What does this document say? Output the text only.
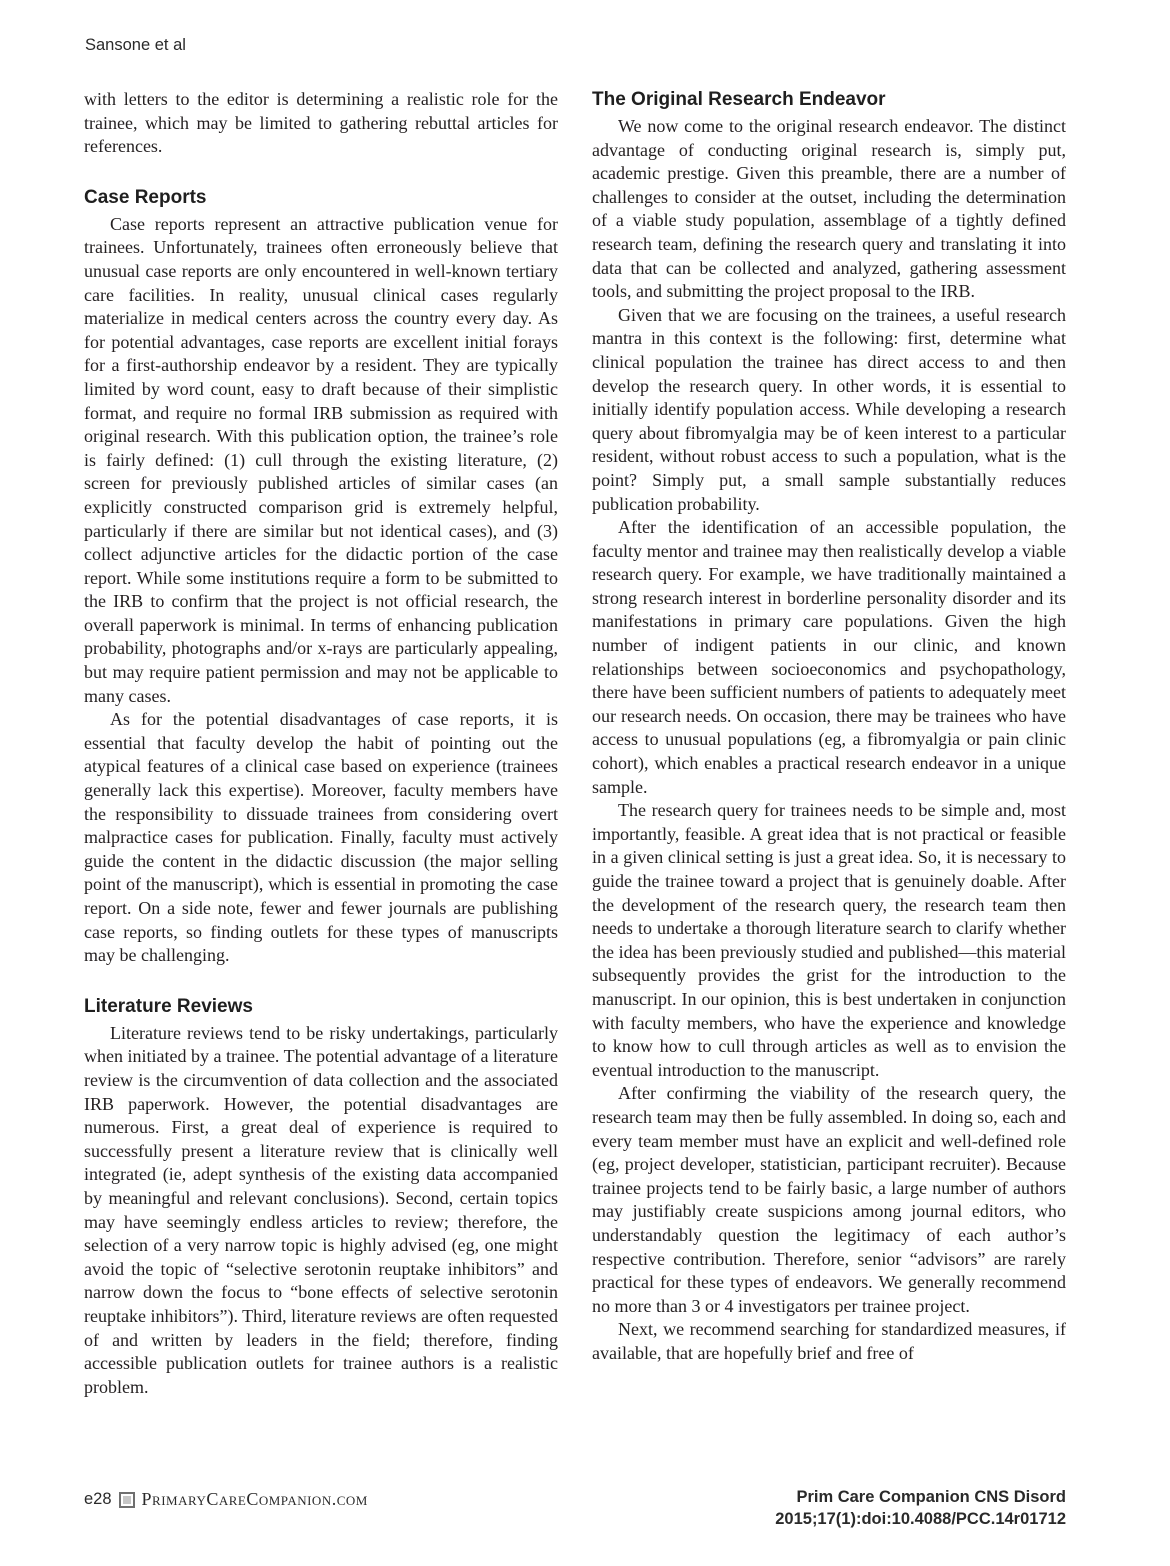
Sansone et al

with letters to the editor is determining a realistic role for the trainee, which may be limited to gathering rebuttal articles for references.

Case Reports

Case reports represent an attractive publication venue for trainees. Unfortunately, trainees often erroneously believe that unusual case reports are only encountered in well-known tertiary care facilities. In reality, unusual clinical cases regularly materialize in medical centers across the country every day. As for potential advantages, case reports are excellent initial forays for a first-authorship endeavor by a resident. They are typically limited by word count, easy to draft because of their simplistic format, and require no formal IRB submission as required with original research. With this publication option, the trainee’s role is fairly defined: (1) cull through the existing literature, (2) screen for previously published articles of similar cases (an explicitly constructed comparison grid is extremely helpful, particularly if there are similar but not identical cases), and (3) collect adjunctive articles for the didactic portion of the case report. While some institutions require a form to be submitted to the IRB to confirm that the project is not official research, the overall paperwork is minimal. In terms of enhancing publication probability, photographs and/or x-rays are particularly appealing, but may require patient permission and may not be applicable to many cases.

As for the potential disadvantages of case reports, it is essential that faculty develop the habit of pointing out the atypical features of a clinical case based on experience (trainees generally lack this expertise). Moreover, faculty members have the responsibility to dissuade trainees from considering overt malpractice cases for publication. Finally, faculty must actively guide the content in the didactic discussion (the major selling point of the manuscript), which is essential in promoting the case report. On a side note, fewer and fewer journals are publishing case reports, so finding outlets for these types of manuscripts may be challenging.

Literature Reviews

Literature reviews tend to be risky undertakings, particularly when initiated by a trainee. The potential advantage of a literature review is the circumvention of data collection and the associated IRB paperwork. However, the potential disadvantages are numerous. First, a great deal of experience is required to successfully present a literature review that is clinically well integrated (ie, adept synthesis of the existing data accompanied by meaningful and relevant conclusions). Second, certain topics may have seemingly endless articles to review; therefore, the selection of a very narrow topic is highly advised (eg, one might avoid the topic of “selective serotonin reuptake inhibitors” and narrow down the focus to “bone effects of selective serotonin reuptake inhibitors”). Third, literature reviews are often requested of and written by leaders in the field; therefore, finding accessible publication outlets for trainee authors is a realistic problem.

The Original Research Endeavor

We now come to the original research endeavor. The distinct advantage of conducting original research is, simply put, academic prestige. Given this preamble, there are a number of challenges to consider at the outset, including the determination of a viable study population, assemblage of a tightly defined research team, defining the research query and translating it into data that can be collected and analyzed, gathering assessment tools, and submitting the project proposal to the IRB.

Given that we are focusing on the trainees, a useful research mantra in this context is the following: first, determine what clinical population the trainee has direct access to and then develop the research query. In other words, it is essential to initially identify population access. While developing a research query about fibromyalgia may be of keen interest to a particular resident, without robust access to such a population, what is the point? Simply put, a small sample substantially reduces publication probability.

After the identification of an accessible population, the faculty mentor and trainee may then realistically develop a viable research query. For example, we have traditionally maintained a strong research interest in borderline personality disorder and its manifestations in primary care populations. Given the high number of indigent patients in our clinic, and known relationships between socioeconomics and psychopathology, there have been sufficient numbers of patients to adequately meet our research needs. On occasion, there may be trainees who have access to unusual populations (eg, a fibromyalgia or pain clinic cohort), which enables a practical research endeavor in a unique sample.

The research query for trainees needs to be simple and, most importantly, feasible. A great idea that is not practical or feasible in a given clinical setting is just a great idea. So, it is necessary to guide the trainee toward a project that is genuinely doable. After the development of the research query, the research team then needs to undertake a thorough literature search to clarify whether the idea has been previously studied and published—this material subsequently provides the grist for the introduction to the manuscript. In our opinion, this is best undertaken in conjunction with faculty members, who have the experience and knowledge to know how to cull through articles as well as to envision the eventual introduction to the manuscript.

After confirming the viability of the research query, the research team may then be fully assembled. In doing so, each and every team member must have an explicit and well-defined role (eg, project developer, statistician, participant recruiter). Because trainee projects tend to be fairly basic, a large number of authors may justifiably create suspicions among journal editors, who understandably question the legitimacy of each author’s respective contribution. Therefore, senior “advisors” are rarely practical for these types of endeavors. We generally recommend no more than 3 or 4 investigators per trainee project.

Next, we recommend searching for standardized measures, if available, that are hopefully brief and free of

e28 PrimaryCareCompanion.com	Prim Care Companion CNS Disord
2015;17(1):doi:10.4088/PCC.14r01712
